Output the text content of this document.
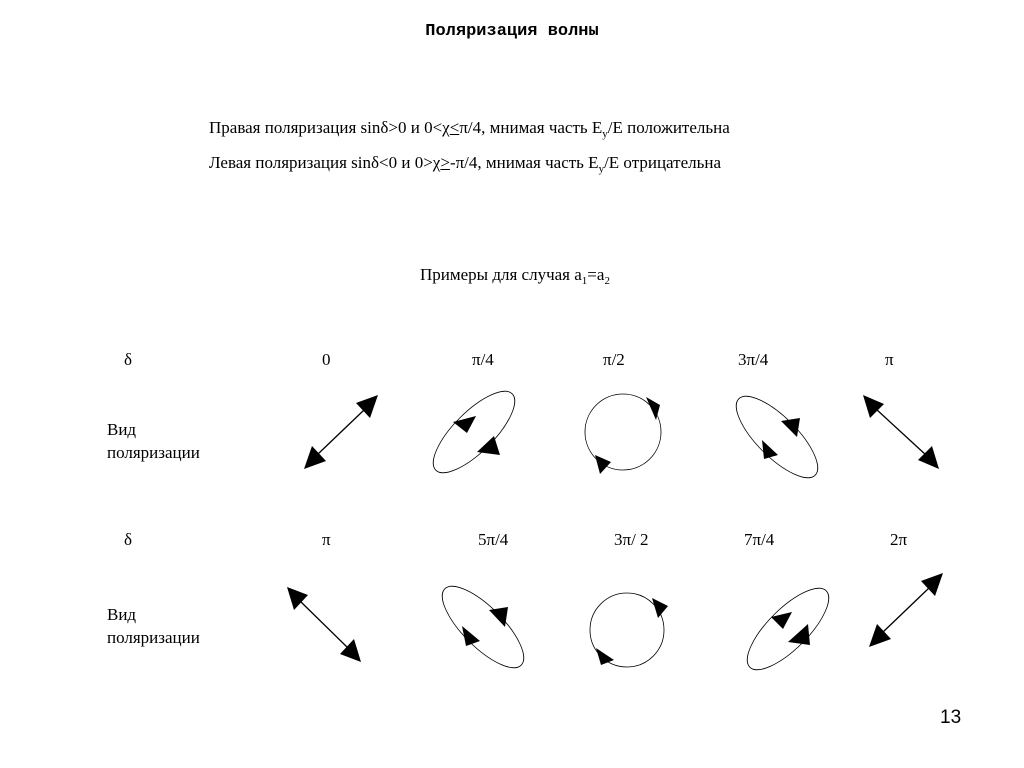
Поляризация волны
Правая поляризация sinδ>0 и 0<χ<π/4, мнимая часть $E_y/E$ положительна
Левая поляризация sinδ<0 и 0>χ>-π/4, мнимая часть $E_y/E$ отрицательна
Примеры для случая $a_1=a_2$
δ	0	π/4	π/2	3π/4	π
Вид
поляризации
δ	π	5π/4	3π/ 2	7π/4	2π
Вид
поляризации
13
